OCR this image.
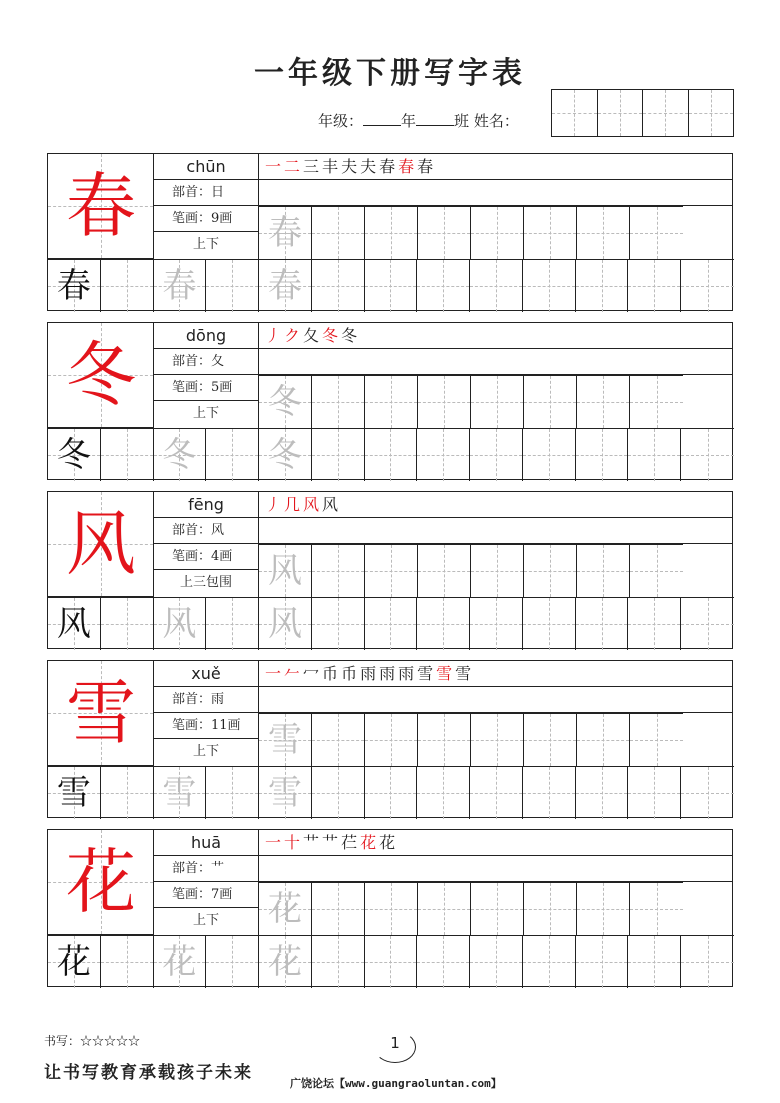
一年级下册写字表
年级：	年	班 姓名：
春	chūn
部首：日
笔画：9画
上下
一二三丰夫夫春春春
春
春 春 春
冬	dōng
部首：夂
笔画：5画
上下
丿ク夂冬冬
冬
冬 冬 冬
风	fēng
部首：风
笔画：4画
上三包围
丿几风风
风
风 风 风
雪	xuě
部首：雨
笔画：11画
上下
一𠂉冖币币雨雨雨雪雪雪
雪
雪 雪 雪
花	huā
部首：艹
笔画：7画
上下
一十艹艹芢花花
花
花 花 花
书写：☆☆☆☆☆
让书写教育承载孩子未来
1
广饶论坛【www.guangraoluntan.com】
